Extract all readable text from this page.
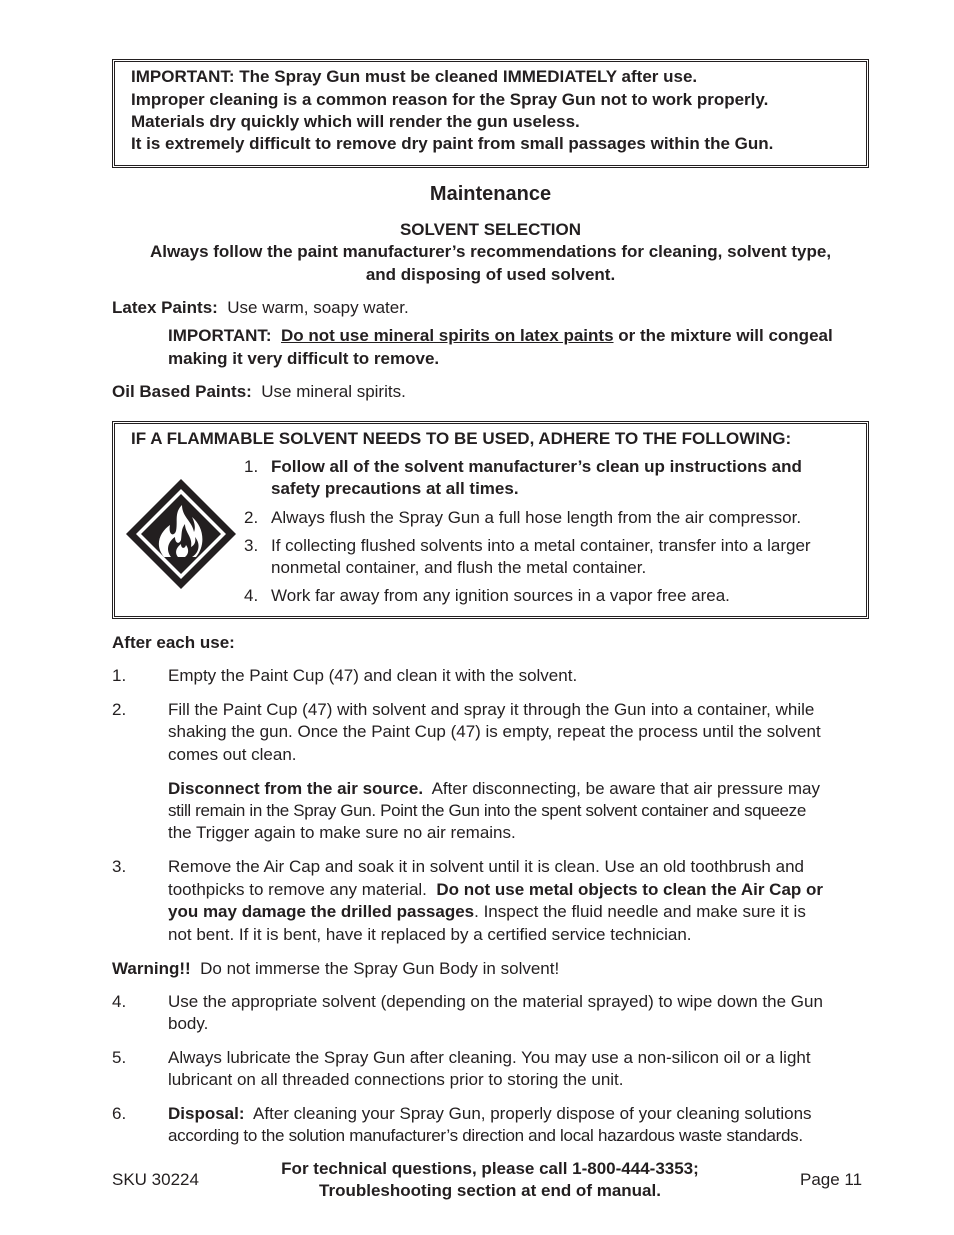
IMPORTANT: The Spray Gun must be cleaned IMMEDIATELY after use.
Improper cleaning is a common reason for the Spray Gun not to work properly.
Materials dry quickly which will render the gun useless.
It is extremely difficult to remove dry paint from small passages within the Gun.
Maintenance
SOLVENT SELECTION
Always follow the paint manufacturer’s recommendations for cleaning, solvent type,
and disposing of used solvent.
Latex Paints: Use warm, soapy water.
IMPORTANT: Do not use mineral spirits on latex paints or the mixture will congeal
making it very difficult to remove.
Oil Based Paints: Use mineral spirits.
IF A FLAMMABLE SOLVENT NEEDS TO BE USED, ADHERE TO THE FOLLOWING:
1. Follow all of the solvent manufacturer’s clean up instructions and
safety precautions at all times.
2. Always flush the Spray Gun a full hose length from the air compressor.
3. If collecting flushed solvents into a metal container, transfer into a larger
nonmetal container, and flush the metal container.
4. Work far away from any ignition sources in a vapor free area.
After each use:
1. Empty the Paint Cup (47) and clean it with the solvent.
2. Fill the Paint Cup (47) with solvent and spray it through the Gun into a container, while
shaking the gun. Once the Paint Cup (47) is empty, repeat the process until the solvent
comes out clean.
Disconnect from the air source. After disconnecting, be aware that air pressure may
still remain in the Spray Gun. Point the Gun into the spent solvent container and squeeze
the Trigger again to make sure no air remains.
3. Remove the Air Cap and soak it in solvent until it is clean. Use an old toothbrush and
toothpicks to remove any material. Do not use metal objects to clean the Air Cap or
you may damage the drilled passages. Inspect the fluid needle and make sure it is
not bent. If it is bent, have it replaced by a certified service technician.
Warning!! Do not immerse the Spray Gun Body in solvent!
4. Use the appropriate solvent (depending on the material sprayed) to wipe down the Gun
body.
5. Always lubricate the Spray Gun after cleaning. You may use a non-silicon oil or a light
lubricant on all threaded connections prior to storing the unit.
6. Disposal: After cleaning your Spray Gun, properly dispose of your cleaning solutions
according to the solution manufacturer’s direction and local hazardous waste standards.
SKU 30224
For technical questions, please call 1-800-444-3353;
Troubleshooting section at end of manual.
Page 11
